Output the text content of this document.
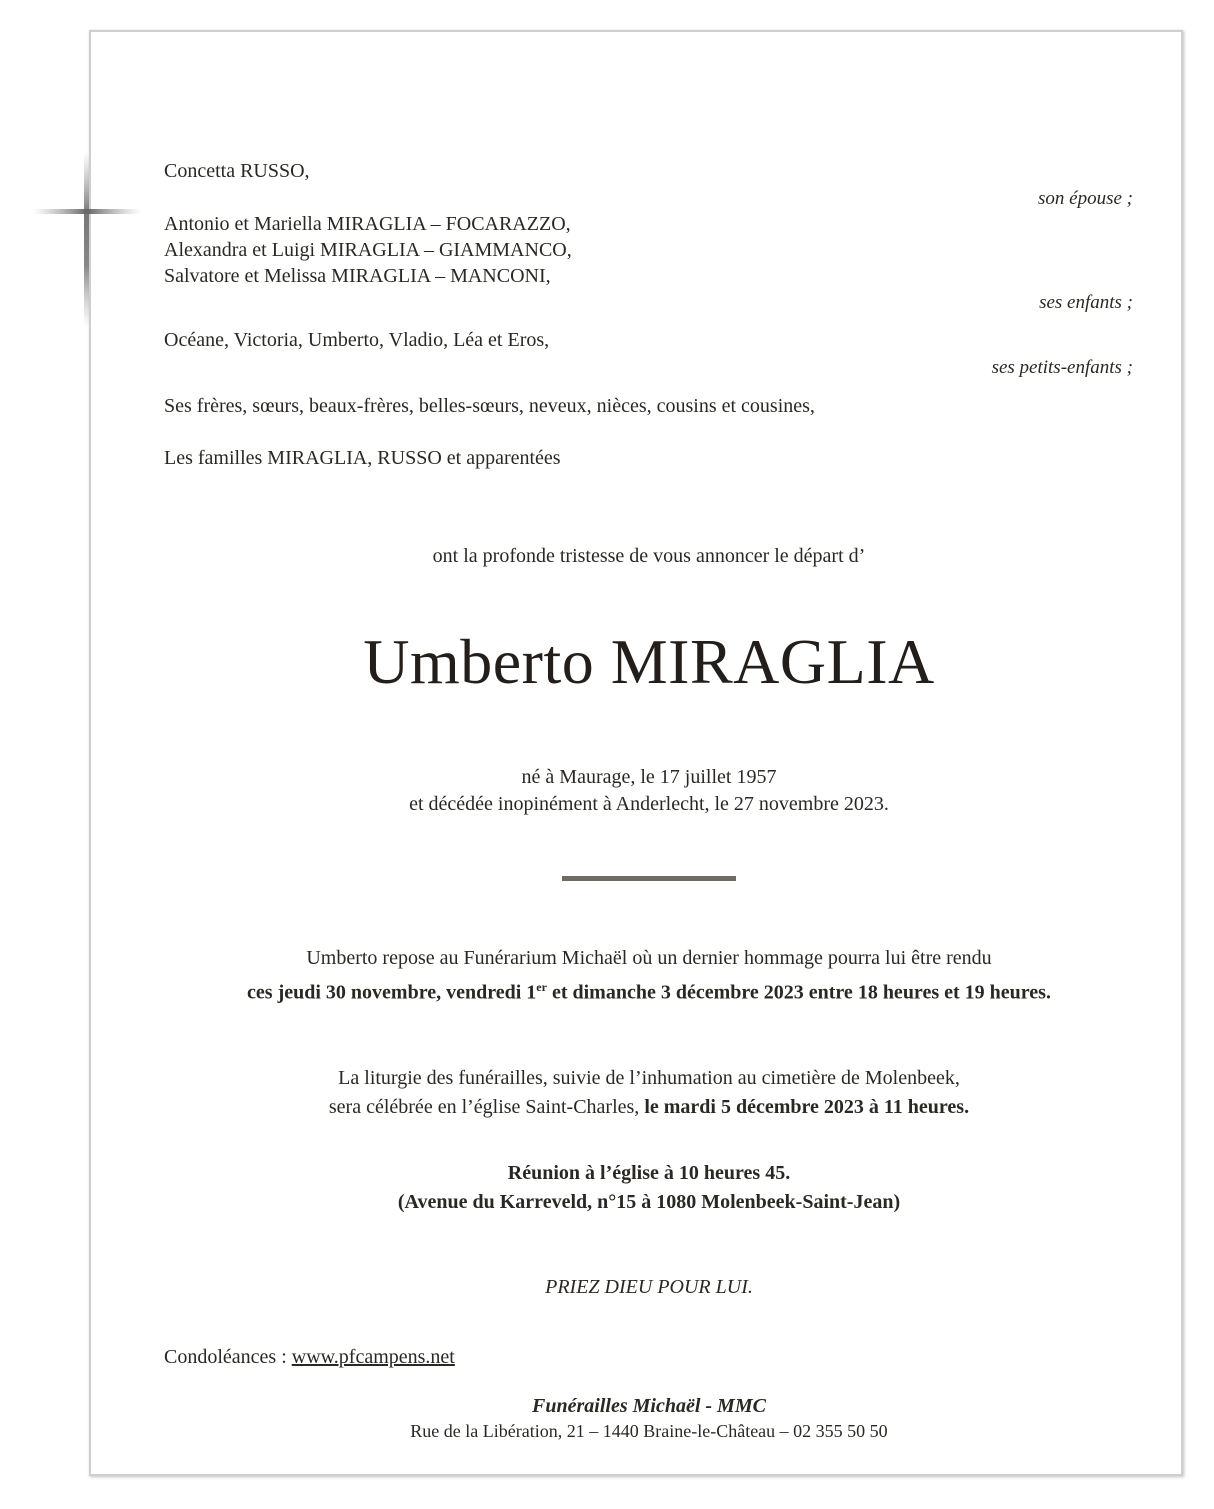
Concetta RUSSO,
son épouse ;
Antonio et Mariella MIRAGLIA – FOCARAZZO,
Alexandra et Luigi MIRAGLIA – GIAMMANCO,
Salvatore et Melissa MIRAGLIA – MANCONI,
ses enfants ;
Océane, Victoria, Umberto, Vladio, Léa et Eros,
ses petits-enfants ;
Ses frères, sœurs, beaux-frères, belles-sœurs, neveux, nièces, cousins et cousines,
Les familles MIRAGLIA, RUSSO et apparentées
ont la profonde tristesse de vous annoncer le départ d’
Umberto MIRAGLIA
né à Maurage, le 17 juillet 1957
et décédée inopinément à Anderlecht, le 27 novembre 2023.
Umberto repose au Funérarium Michaël où un dernier hommage pourra lui être rendu
ces jeudi 30 novembre, vendredi 1er et dimanche 3 décembre 2023 entre 18 heures et 19 heures.
La liturgie des funérailles, suivie de l’inhumation au cimetière de Molenbeek,
sera célébrée en l’église Saint-Charles, le mardi 5 décembre 2023 à 11 heures.
Réunion à l’église à 10 heures 45.
(Avenue du Karreveld, n°15 à 1080 Molenbeek-Saint-Jean)
PRIEZ DIEU POUR LUI.
Condoléances : www.pfcampens.net
Funérailles Michaël - MMC
Rue de la Libération, 21 – 1440 Braine-le-Château – 02 355 50 50
